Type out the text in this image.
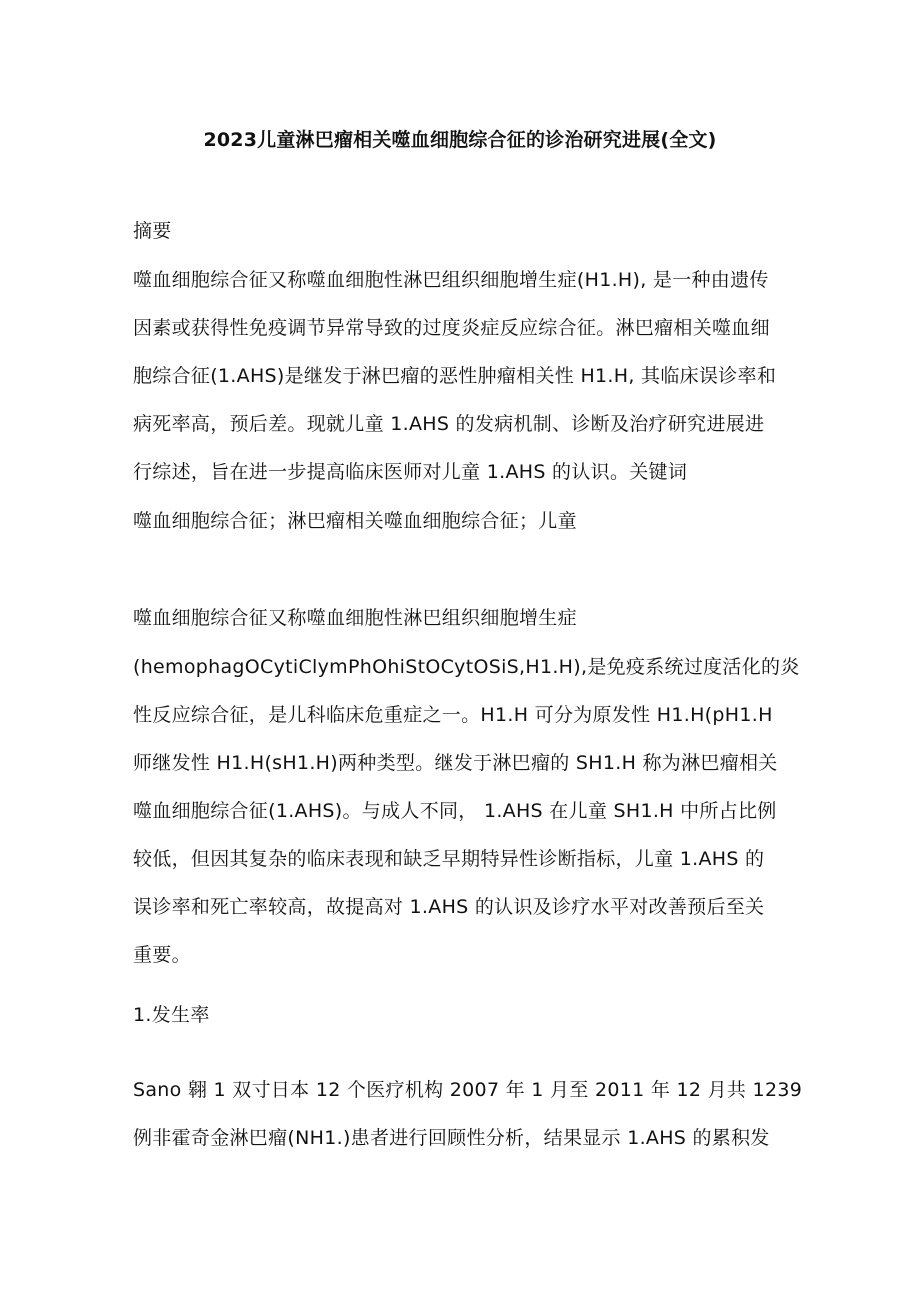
2023儿童淋巴瘤相关噬血细胞综合征的诊治研究进展(全文)
摘要
噬血细胞综合征又称噬血细胞性淋巴组织细胞增生症(H1.H), 是一种由遗传
因素或获得性免疫调节异常导致的过度炎症反应综合征。淋巴瘤相关噬血细
胞综合征(1.AHS)是继发于淋巴瘤的恶性肿瘤相关性 H1.H, 其临床误诊率和
病死率高，预后差。现就儿童 1.AHS 的发病机制、诊断及治疗研究进展进
行综述，旨在进一步提高临床医师对儿童 1.AHS 的认识。关键词
噬血细胞综合征；淋巴瘤相关噬血细胞综合征；儿童
噬血细胞综合征又称噬血细胞性淋巴组织细胞增生症
(hemophagOCytiClymPhOhiStOCytOSiS,H1.H),是免疫系统过度活化的炎
性反应综合征，是儿科临床危重症之一。H1.H 可分为原发性 H1.H(pH1.H
师继发性 H1.H(sH1.H)两种类型。继发于淋巴瘤的 SH1.H 称为淋巴瘤相关
噬血细胞综合征(1.AHS)。与成人不同， 1.AHS 在儿童 SH1.H 中所占比例
较低，但因其复杂的临床表现和缺乏早期特异性诊断指标，儿童 1.AHS 的
误诊率和死亡率较高，故提高对 1.AHS 的认识及诊疗水平对改善预后至关
重要。
1.发生率
Sano 翱 1 双寸日本 12 个医疗机构 2007 年 1 月至 2011 年 12 月共 1239
例非霍奇金淋巴瘤(NH1.)患者进行回顾性分析，结果显示 1.AHS 的累积发
